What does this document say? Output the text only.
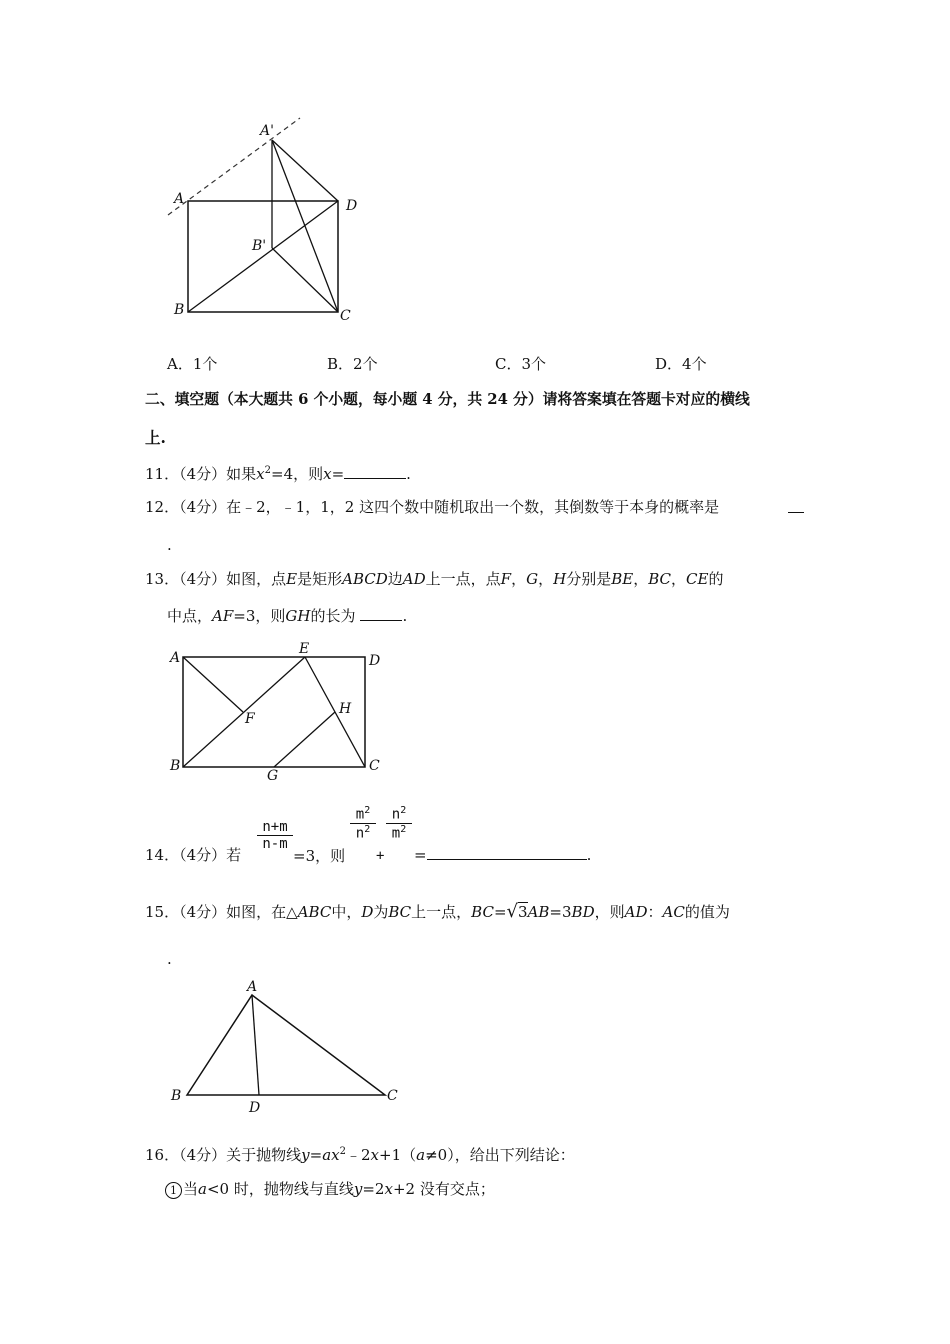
A'
A	D
B'
B	C
A．1个	B．2个	C．3个	D．4个
二、填空题（本大题共 6 个小题，每小题 4 分，共 24 分）请将答案填在答题卡对应的横线
上.
11．（4分）如果$x^2=4$，则x=	.
12．（4分）在﹣2，﹣1，1，2 这四个数中随机取出一个数，其倒数等于本身的概率是
.
13．（4分）如图，点E是矩形ABCD边AD上一点，点F，G，H分别是BE，BC，CE的
中点，AF=3，则GH的长为	.
A
E
D
F
H
B
G
C
14．（4分）若
$\frac{n+m}{n-m}$
=3，则
$\frac{m^2}{n^2}$
+
$\frac{n^2}{m^2}$
=	.
15．（4分）如图，在△ABC中，D为BC上一点，BC=√3AB=3BD，则AD：AC的值为
.
A
B
D
C
16．（4分）关于抛物线$y=ax^2﹣2x+1(a\ne 0)$，给出下列结论：
1 当a<0 时，抛物线与直线y=2x+2 没有交点；
